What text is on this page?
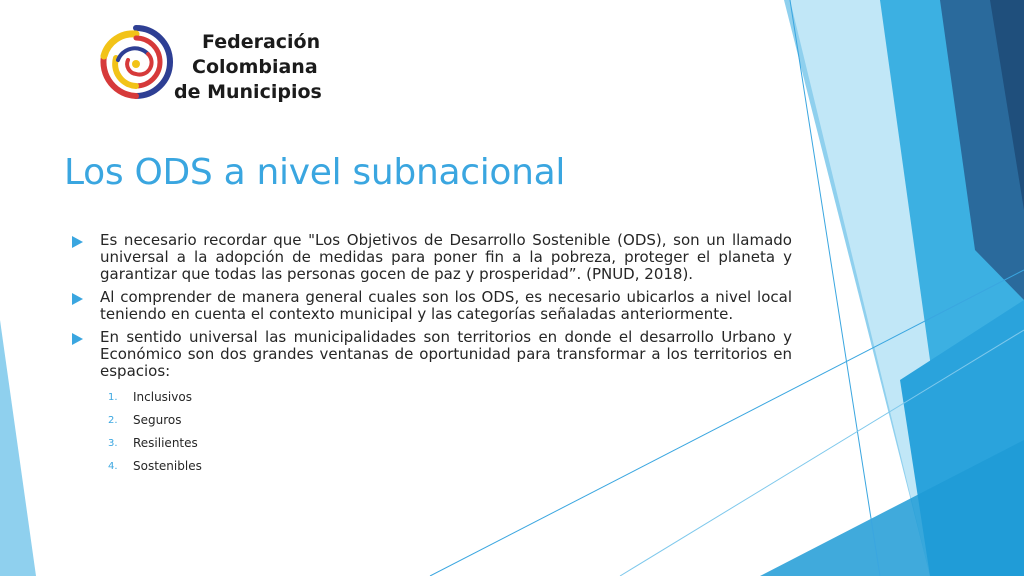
Federación
Colombiana
de Municipios
Los ODS a nivel subnacional
Es necesario recordar que "Los Objetivos de Desarrollo Sostenible (ODS), son un llamado universal a la adopción de medidas para poner fin a la pobreza, proteger el planeta y garantizar que todas las personas gocen de paz y prosperidad”. (PNUD, 2018).
Al comprender de manera general cuales son los ODS, es necesario ubicarlos a nivel local teniendo en cuenta el contexto municipal y las categorías señaladas anteriormente.
En sentido universal las municipalidades son territorios en donde el desarrollo Urbano y Económico son dos grandes ventanas de oportunidad para transformar a los territorios en espacios:
1. Inclusivos
2. Seguros
3. Resilientes
4. Sostenibles
